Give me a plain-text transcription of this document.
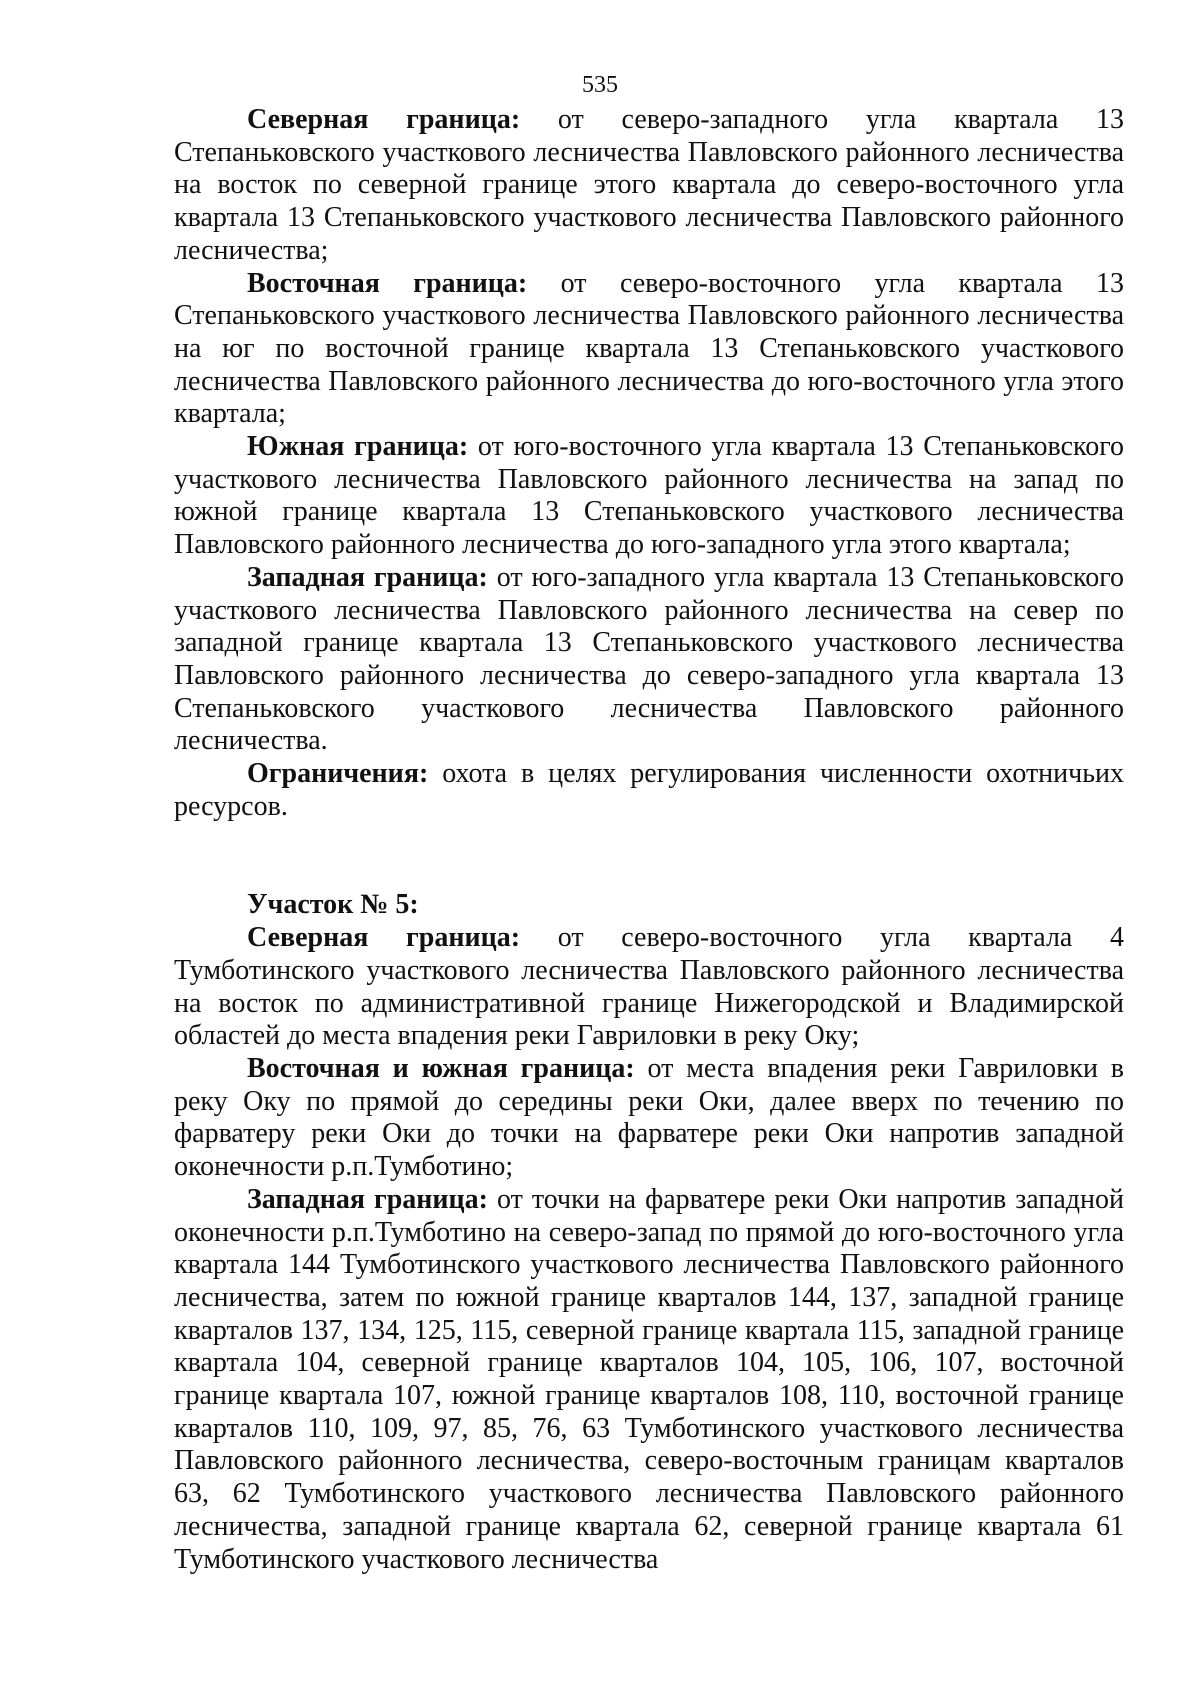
535

Северная граница: от северо-западного угла квартала 13 Степаньковского участкового лесничества Павловского районного лесничества на восток по северной границе этого квартала до северо-восточного угла квартала 13 Степаньковского участкового лесничества Павловского районного лесничества;

Восточная граница: от северо-восточного угла квартала 13 Степаньковского участкового лесничества Павловского районного лесничества на юг по восточной границе квартала 13 Степаньковского участкового лесничества Павловского районного лесничества до юго-восточного угла этого квартала;

Южная граница: от юго-восточного угла квартала 13 Степаньковского участкового лесничества Павловского районного лесничества на запад по южной границе квартала 13 Степаньковского участкового лесничества Павловского районного лесничества до юго-западного угла этого квартала;

Западная граница: от юго-западного угла квартала 13 Степаньковского участкового лесничества Павловского районного лесничества на север по западной границе квартала 13 Степаньковского участкового лесничества Павловского районного лесничества до северо-западного угла квартала 13 Степаньковского участкового лесничества Павловского районного лесничества.

Ограничения: охота в целях регулирования численности охотничьих ресурсов.

Участок № 5:

Северная граница: от северо-восточного угла квартала 4 Тумботинского участкового лесничества Павловского районного лесничества на восток по административной границе Нижегородской и Владимирской областей до места впадения реки Гавриловки в реку Оку;

Восточная и южная граница: от места впадения реки Гавриловки в реку Оку по прямой до середины реки Оки, далее вверх по течению по фарватеру реки Оки до точки на фарватере реки Оки напротив западной оконечности р.п.Тумботино;

Западная граница: от точки на фарватере реки Оки напротив западной оконечности р.п.Тумботино на северо-запад по прямой до юго-восточного угла квартала 144 Тумботинского участкового лесничества Павловского районного лесничества, затем по южной границе кварталов 144, 137, западной границе кварталов 137, 134, 125, 115, северной границе квартала 115, западной границе квартала 104, северной границе кварталов 104, 105, 106, 107, восточной границе квартала 107, южной границе кварталов 108, 110, восточной границе кварталов 110, 109, 97, 85, 76, 63 Тумботинского участкового лесничества Павловского районного лесничества, северо-восточным границам кварталов 63, 62 Тумботинского участкового лесничества Павловского районного лесничества, западной границе квартала 62, северной границе квартала 61 Тумботинского участкового лесничества
